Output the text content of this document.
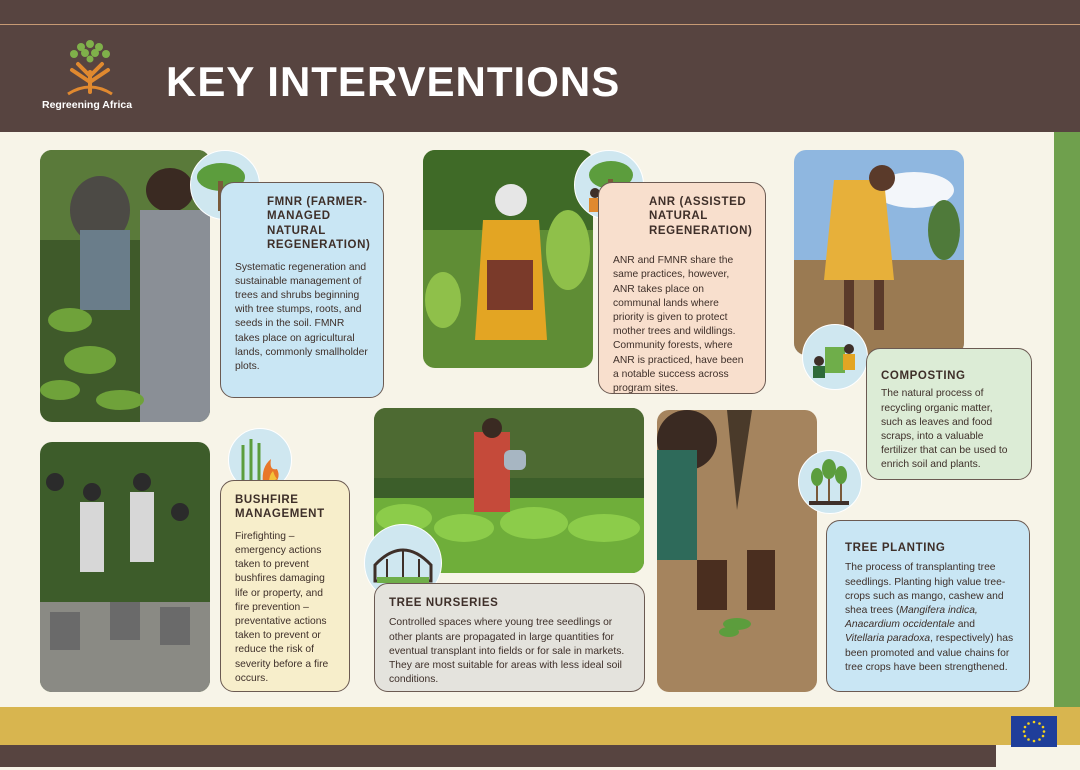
Regreening Africa KEY INTERVENTIONS
FMNR (FARMER-MANAGED NATURAL REGENERATION)
Systematic regeneration and sustainable management of trees and shrubs beginning with tree stumps, roots, and seeds in the soil. FMNR takes place on agricultural lands, commonly smallholder plots.
ANR (ASSISTED NATURAL REGENERATION)
ANR and FMNR share the same practices, however, ANR takes place on communal lands where priority is given to protect mother trees and wildlings. Community forests, where ANR is practiced, have been a notable success across program sites.
COMPOSTING
The natural process of recycling organic matter, such as leaves and food scraps, into a valuable fertilizer that can be used to enrich soil and plants.
BUSHFIRE MANAGEMENT
Firefighting – emergency actions taken to prevent bushfires damaging life or property, and fire prevention – preventative actions taken to prevent or reduce the risk of severity before a fire occurs.
TREE NURSERIES
Controlled spaces where young tree seedlings or other plants are propagated in large quantities for eventual transplant into fields or for sale in markets. They are most suitable for areas with less ideal soil conditions.
TREE PLANTING
The process of transplanting tree seedlings. Planting high value tree-crops such as mango, cashew and shea trees (Mangifera indica, Anacardium occidentale and Vitellaria paradoxa, respectively) has been promoted and value chains for tree crops have been strengthened.
